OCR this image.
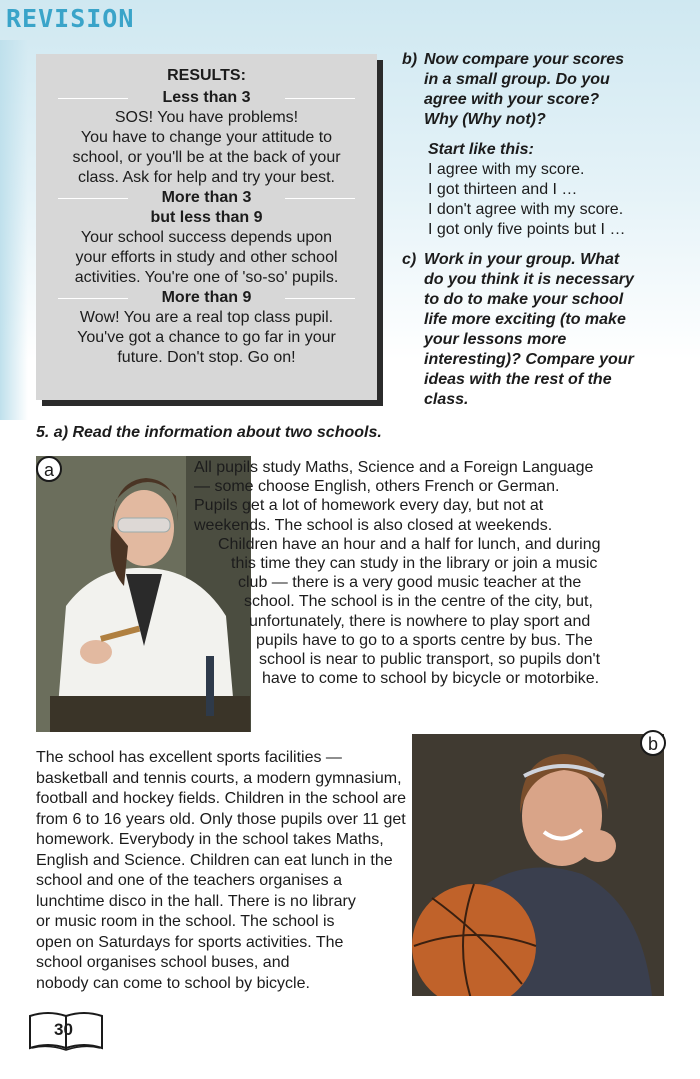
REVISION
RESULTS:
Less than 3
SOS! You have problems!
You have to change your attitude to
school, or you'll be at the back of your
class. Ask for help and try your best.
More than 3
but less than 9
Your school success depends upon
your efforts in study and other school
activities. You're one of 'so-so' pupils.
More than 9
Wow! You are a real top class pupil.
You've got a chance to go far in your
future. Don't stop. Go on!
b) Now compare your scores
in a small group. Do you
agree with your score?
Why (Why not)?
Start like this:
I agree with my score.
I got thirteen and I …
I don't agree with my score.
I got only five points but I …
c) Work in your group. What
do you think it is necessary
to do to make your school
life more exciting (to make
your lessons more
interesting)? Compare your
ideas with the rest of the
class.
5. a) Read the information about two schools.
a	All pupils study Maths, Science and a Foreign Language
— some choose English, others French or German.
Pupils get a lot of homework every day, but not at
weekends. The school is also closed at weekends.
Children have an hour and a half for lunch, and during
this time they can study in the library or join a music
club — there is a very good music teacher at the
school. The school is in the centre of the city, but,
unfortunately, there is nowhere to play sport and
pupils have to go to a sports centre by bus. The
school is near to public transport, so pupils don't
have to come to school by bicycle or motorbike.
b
The school has excellent sports facilities —
basketball and tennis courts, a modern gymnasium,
football and hockey fields. Children in the school are
from 6 to 16 years old. Only those pupils over 11 get
homework. Everybody in the school takes Maths,
English and Science. Children can eat lunch in the
school and one of the teachers organises a
lunchtime disco in the hall. There is no library
or music room in the school. The school is
open on Saturdays for sports activities. The
school organises school buses, and
nobody can come to school by bicycle.
30
